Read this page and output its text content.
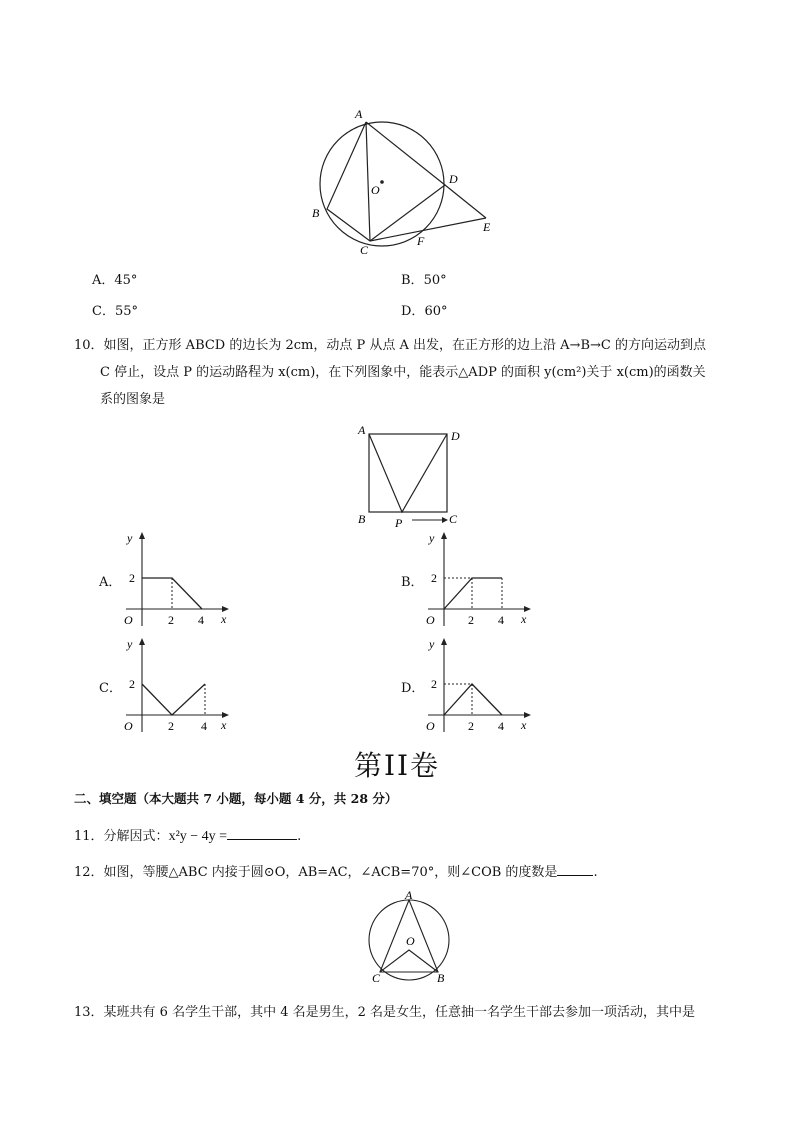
A
B
C
D
E
F
O
A．45°	B．50°
C．55°	D．60°
10．如图，正方形 ABCD 的边长为 2cm，动点 P 从点 A 出发，在正方形的边上沿 A→B→C 的方向运动到点
C 停止，设点 P 的运动路程为 x(cm)，在下列图象中，能表示△ADP 的面积 y(cm²)关于 x(cm)的函数关
系的图象是
A
B	C
D
P
A．
y
2
O	2 4 x
B．
y
2
O	2 4 x
C．
y
2
O	2 4 x
D．
y
2
O	2 4 x
第II卷
二、填空题（本大题共 7 小题，每小题 4 分，共 28 分）
11．分解因式：x²y − 4y =	.
12．如图，等腰△ABC 内接于圆⊙O，AB=AC，∠ACB=70°，则∠COB 的度数是	.
A
O
C	B
13．某班共有 6 名学生干部，其中 4 名是男生，2 名是女生，任意抽一名学生干部去参加一项活动，其中是
